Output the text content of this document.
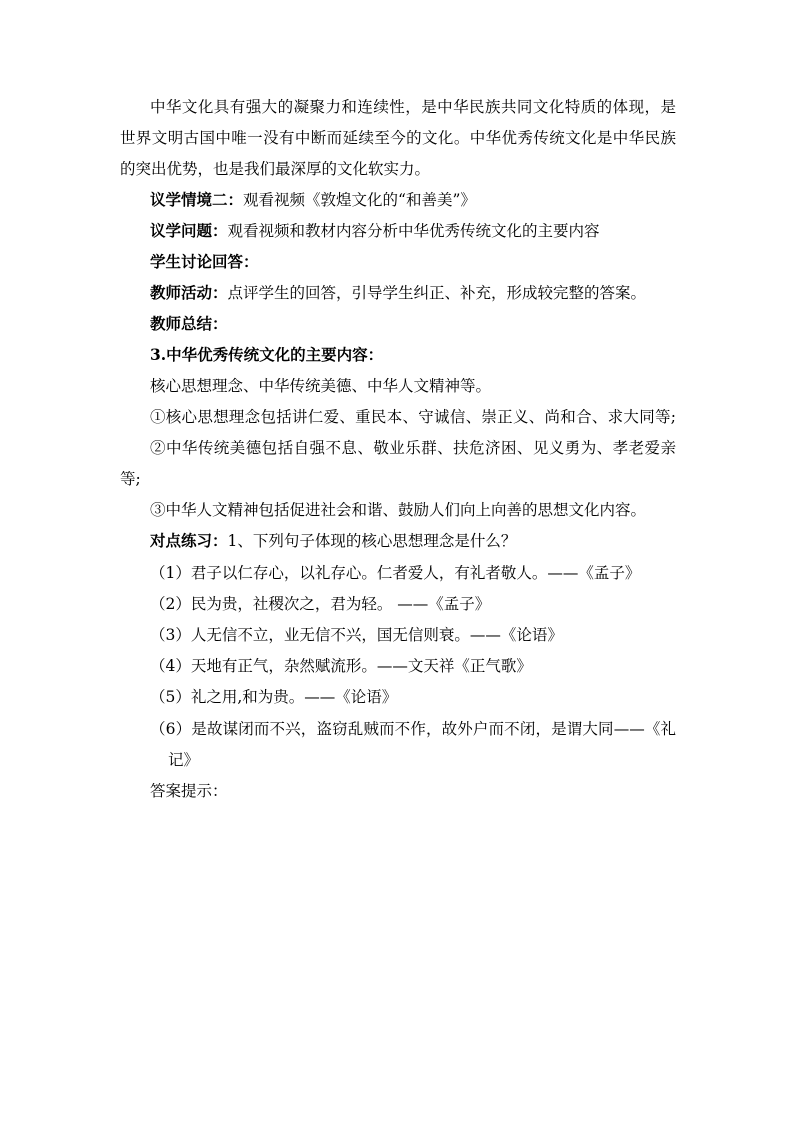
中华文化具有强大的凝聚力和连续性，是中华民族共同文化特质的体现，是
世界文明古国中唯一没有中断而延续至今的文化。中华优秀传统文化是中华民族
的突出优势，也是我们最深厚的文化软实力。
议学情境二：观看视频《敦煌文化的“和善美”》
议学问题：观看视频和教材内容分析中华优秀传统文化的主要内容
学生讨论回答：
教师活动：点评学生的回答，引导学生纠正、补充，形成较完整的答案。
教师总结：
3.中华优秀传统文化的主要内容：
核心思想理念、中华传统美德、中华人文精神等。
①核心思想理念包括讲仁爱、重民本、守诚信、崇正义、尚和合、求大同等;
②中华传统美德包括自强不息、敬业乐群、扶危济困、见义勇为、孝老爱亲
等;
③中华人文精神包括促进社会和谐、鼓励人们向上向善的思想文化内容。
对点练习：1、下列句子体现的核心思想理念是什么？
（1）君子以仁存心，以礼存心。仁者爱人，有礼者敬人。——《孟子》
（2）民为贵，社稷次之，君为轻。 ——《孟子》
（3）人无信不立，业无信不兴，国无信则衰。——《论语》
（4）天地有正气，杂然赋流形。——文天祥《正气歌》
（5）礼之用,和为贵。——《论语》
（6）是故谋闭而不兴，盗窃乱贼而不作，故外户而不闭，是谓大同——《礼
记》
答案提示：
